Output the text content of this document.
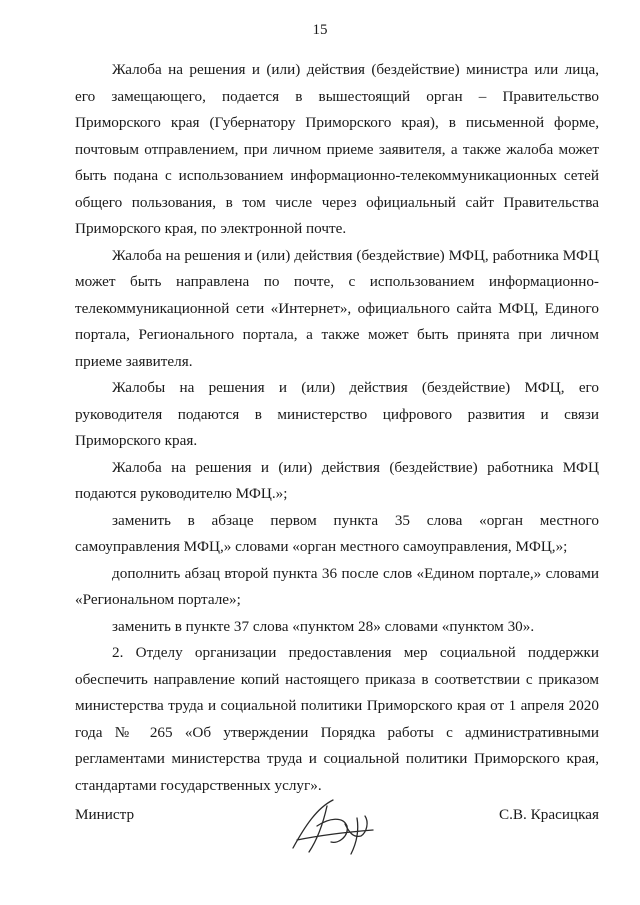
15

Жалоба на решения и (или) действия (бездействие) министра или лица, его замещающего, подается в вышестоящий орган – Правительство Приморского края (Губернатору Приморского края), в письменной форме, почтовым отправлением, при личном приеме заявителя, а также жалоба может быть подана с использованием информационно-телекоммуникационных сетей общего пользования, в том числе через официальный сайт Правительства Приморского края, по электронной почте.

Жалоба на решения и (или) действия (бездействие) МФЦ, работника МФЦ может быть направлена по почте, с использованием информационно-телекоммуникационной сети «Интернет», официального сайта МФЦ, Единого портала, Регионального портала, а также может быть принята при личном приеме заявителя.

Жалобы на решения и (или) действия (бездействие) МФЦ, его руководителя подаются в министерство цифрового развития и связи Приморского края.

Жалоба на решения и (или) действия (бездействие) работника МФЦ подаются руководителю МФЦ.»;

заменить в абзаце первом пункта 35 слова «орган местного самоуправления МФЦ,» словами «орган местного самоуправления, МФЦ,»;

дополнить абзац второй пункта 36 после слов «Едином портале,» словами «Региональном портале»;

заменить в пункте 37 слова «пунктом 28» словами «пунктом 30».

2. Отделу организации предоставления мер социальной поддержки обеспечить направление копий настоящего приказа в соответствии с приказом министерства труда и социальной политики Приморского края от 1 апреля 2020 года № 265 «Об утверждении Порядка работы с административными регламентами министерства труда и социальной политики Приморского края, стандартами государственных услуг».

Министр	С.В. Красицкая
